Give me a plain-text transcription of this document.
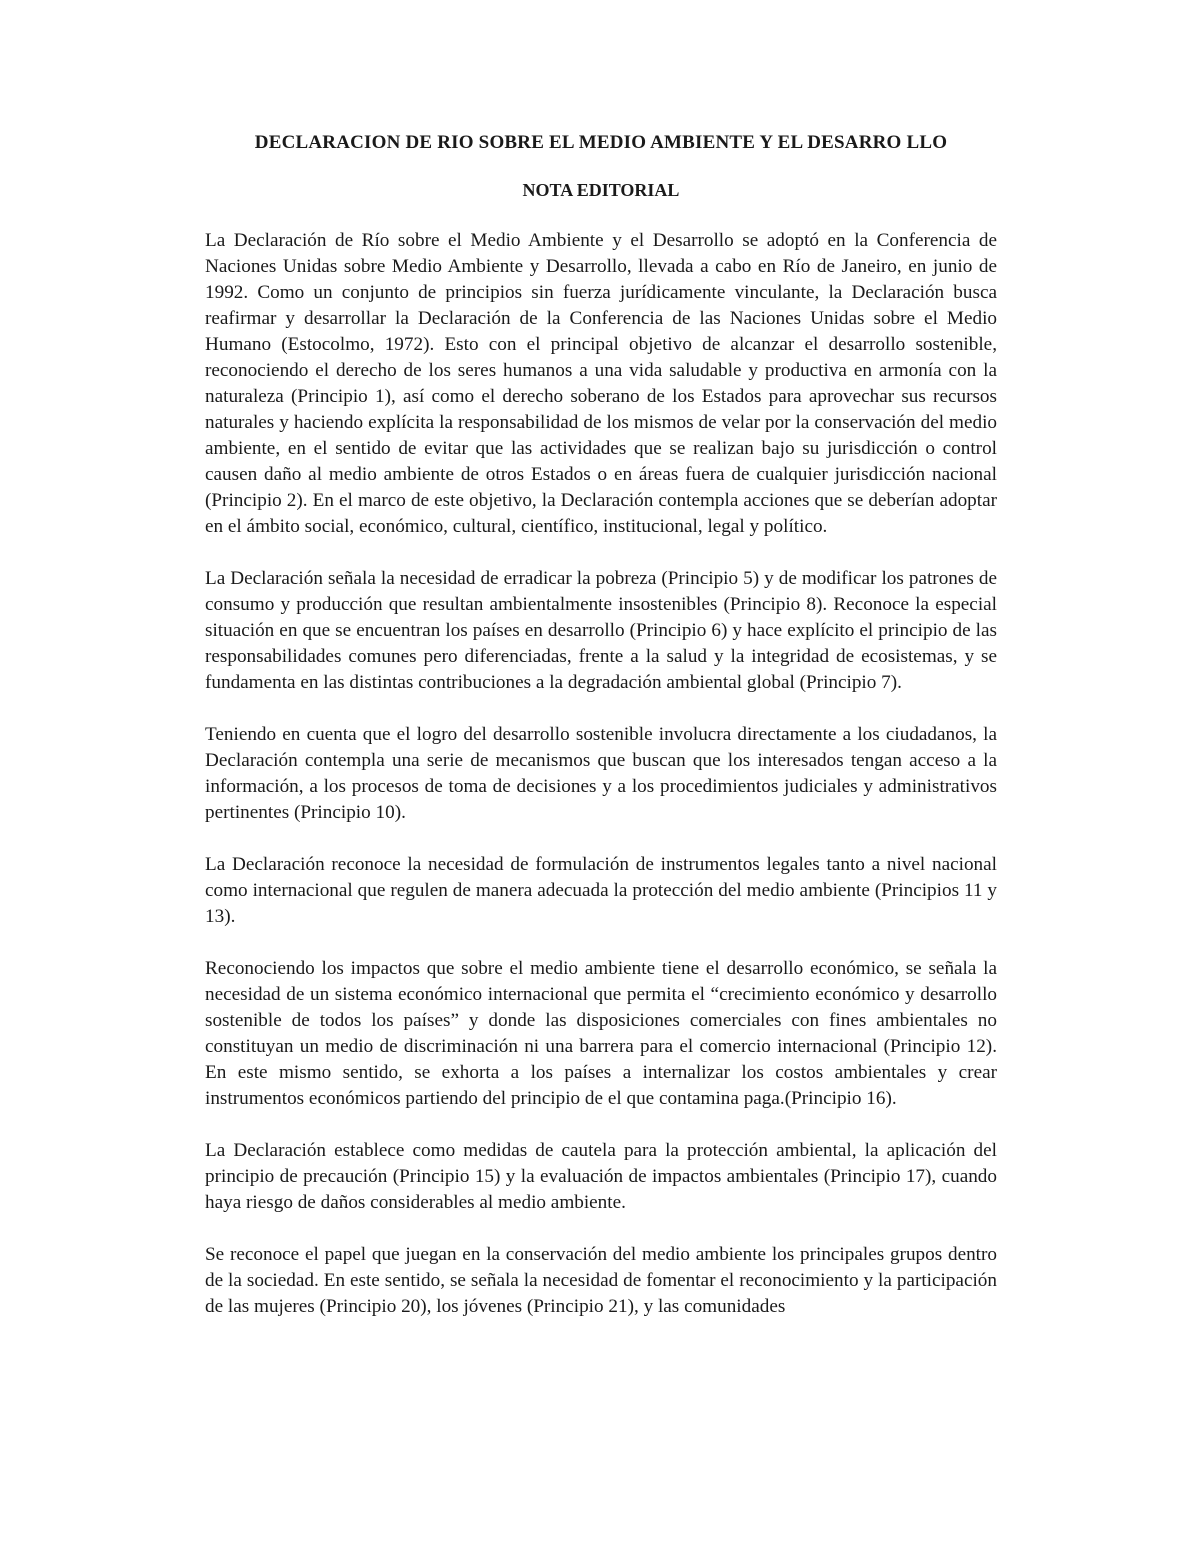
DECLARACION DE RIO SOBRE EL MEDIO AMBIENTE Y EL DESARRO LLO
NOTA EDITORIAL

La Declaración de Río sobre el Medio Ambiente y el Desarrollo se adoptó en la Conferencia de Naciones Unidas sobre Medio Ambiente y Desarrollo, llevada a cabo en Río de Janeiro, en junio de 1992. Como un conjunto de principios sin fuerza jurídicamente vinculante, la Declaración busca reafirmar y desarrollar la Declaración de la Conferencia de las Naciones Unidas sobre el Medio Humano (Estocolmo, 1972). Esto con el principal objetivo de alcanzar el desarrollo sostenible, reconociendo el derecho de los seres humanos a una vida saludable y productiva en armonía con la naturaleza (Principio 1), así como el derecho soberano de los Estados para aprovechar sus recursos naturales y haciendo explícita la responsabilidad de los mismos de velar por la conservación del medio ambiente, en el sentido de evitar que las actividades que se realizan bajo su jurisdicción o control causen daño al medio ambiente de otros Estados o en áreas fuera de cualquier jurisdicción nacional (Principio 2). En el marco de este objetivo, la Declaración contempla acciones que se deberían adoptar en el ámbito social, económico, cultural, científico, institucional, legal y político.

La Declaración señala la necesidad de erradicar la pobreza (Principio 5) y de modificar los patrones de consumo y producción que resultan ambientalmente insostenibles (Principio 8). Reconoce la especial situación en que se encuentran los países en desarrollo (Principio 6) y hace explícito el principio de las responsabilidades comunes pero diferenciadas, frente a la salud y la integridad de ecosistemas, y se fundamenta en las distintas contribuciones a la degradación ambiental global (Principio 7).

Teniendo en cuenta que el logro del desarrollo sostenible involucra directamente a los ciudadanos, la Declaración contempla una serie de mecanismos que buscan que los interesados tengan acceso a la información, a los procesos de toma de decisiones y a los procedimientos judiciales y administrativos pertinentes (Principio 10).

La Declaración reconoce la necesidad de formulación de instrumentos legales tanto a nivel nacional como internacional que regulen de manera adecuada la protección del medio ambiente (Principios 11 y 13).

Reconociendo los impactos que sobre el medio ambiente tiene el desarrollo económico, se señala la necesidad de un sistema económico internacional que permita el “crecimiento económico y desarrollo sostenible de todos los países” y donde las disposiciones comerciales con fines ambientales no constituyan un medio de discriminación ni una barrera para el comercio internacional (Principio 12). En este mismo sentido, se exhorta a los países a internalizar los costos ambientales y crear instrumentos económicos partiendo del principio de el que contamina paga.(Principio 16).

La Declaración establece como medidas de cautela para la protección ambiental, la aplicación del principio de precaución (Principio 15) y la evaluación de impactos ambientales (Principio 17), cuando haya riesgo de daños considerables al medio ambiente.

Se reconoce el papel que juegan en la conservación del medio ambiente los principales grupos dentro de la sociedad. En este sentido, se señala la necesidad de fomentar el reconocimiento y la participación de las mujeres (Principio 20), los jóvenes (Principio 21), y las comunidades
